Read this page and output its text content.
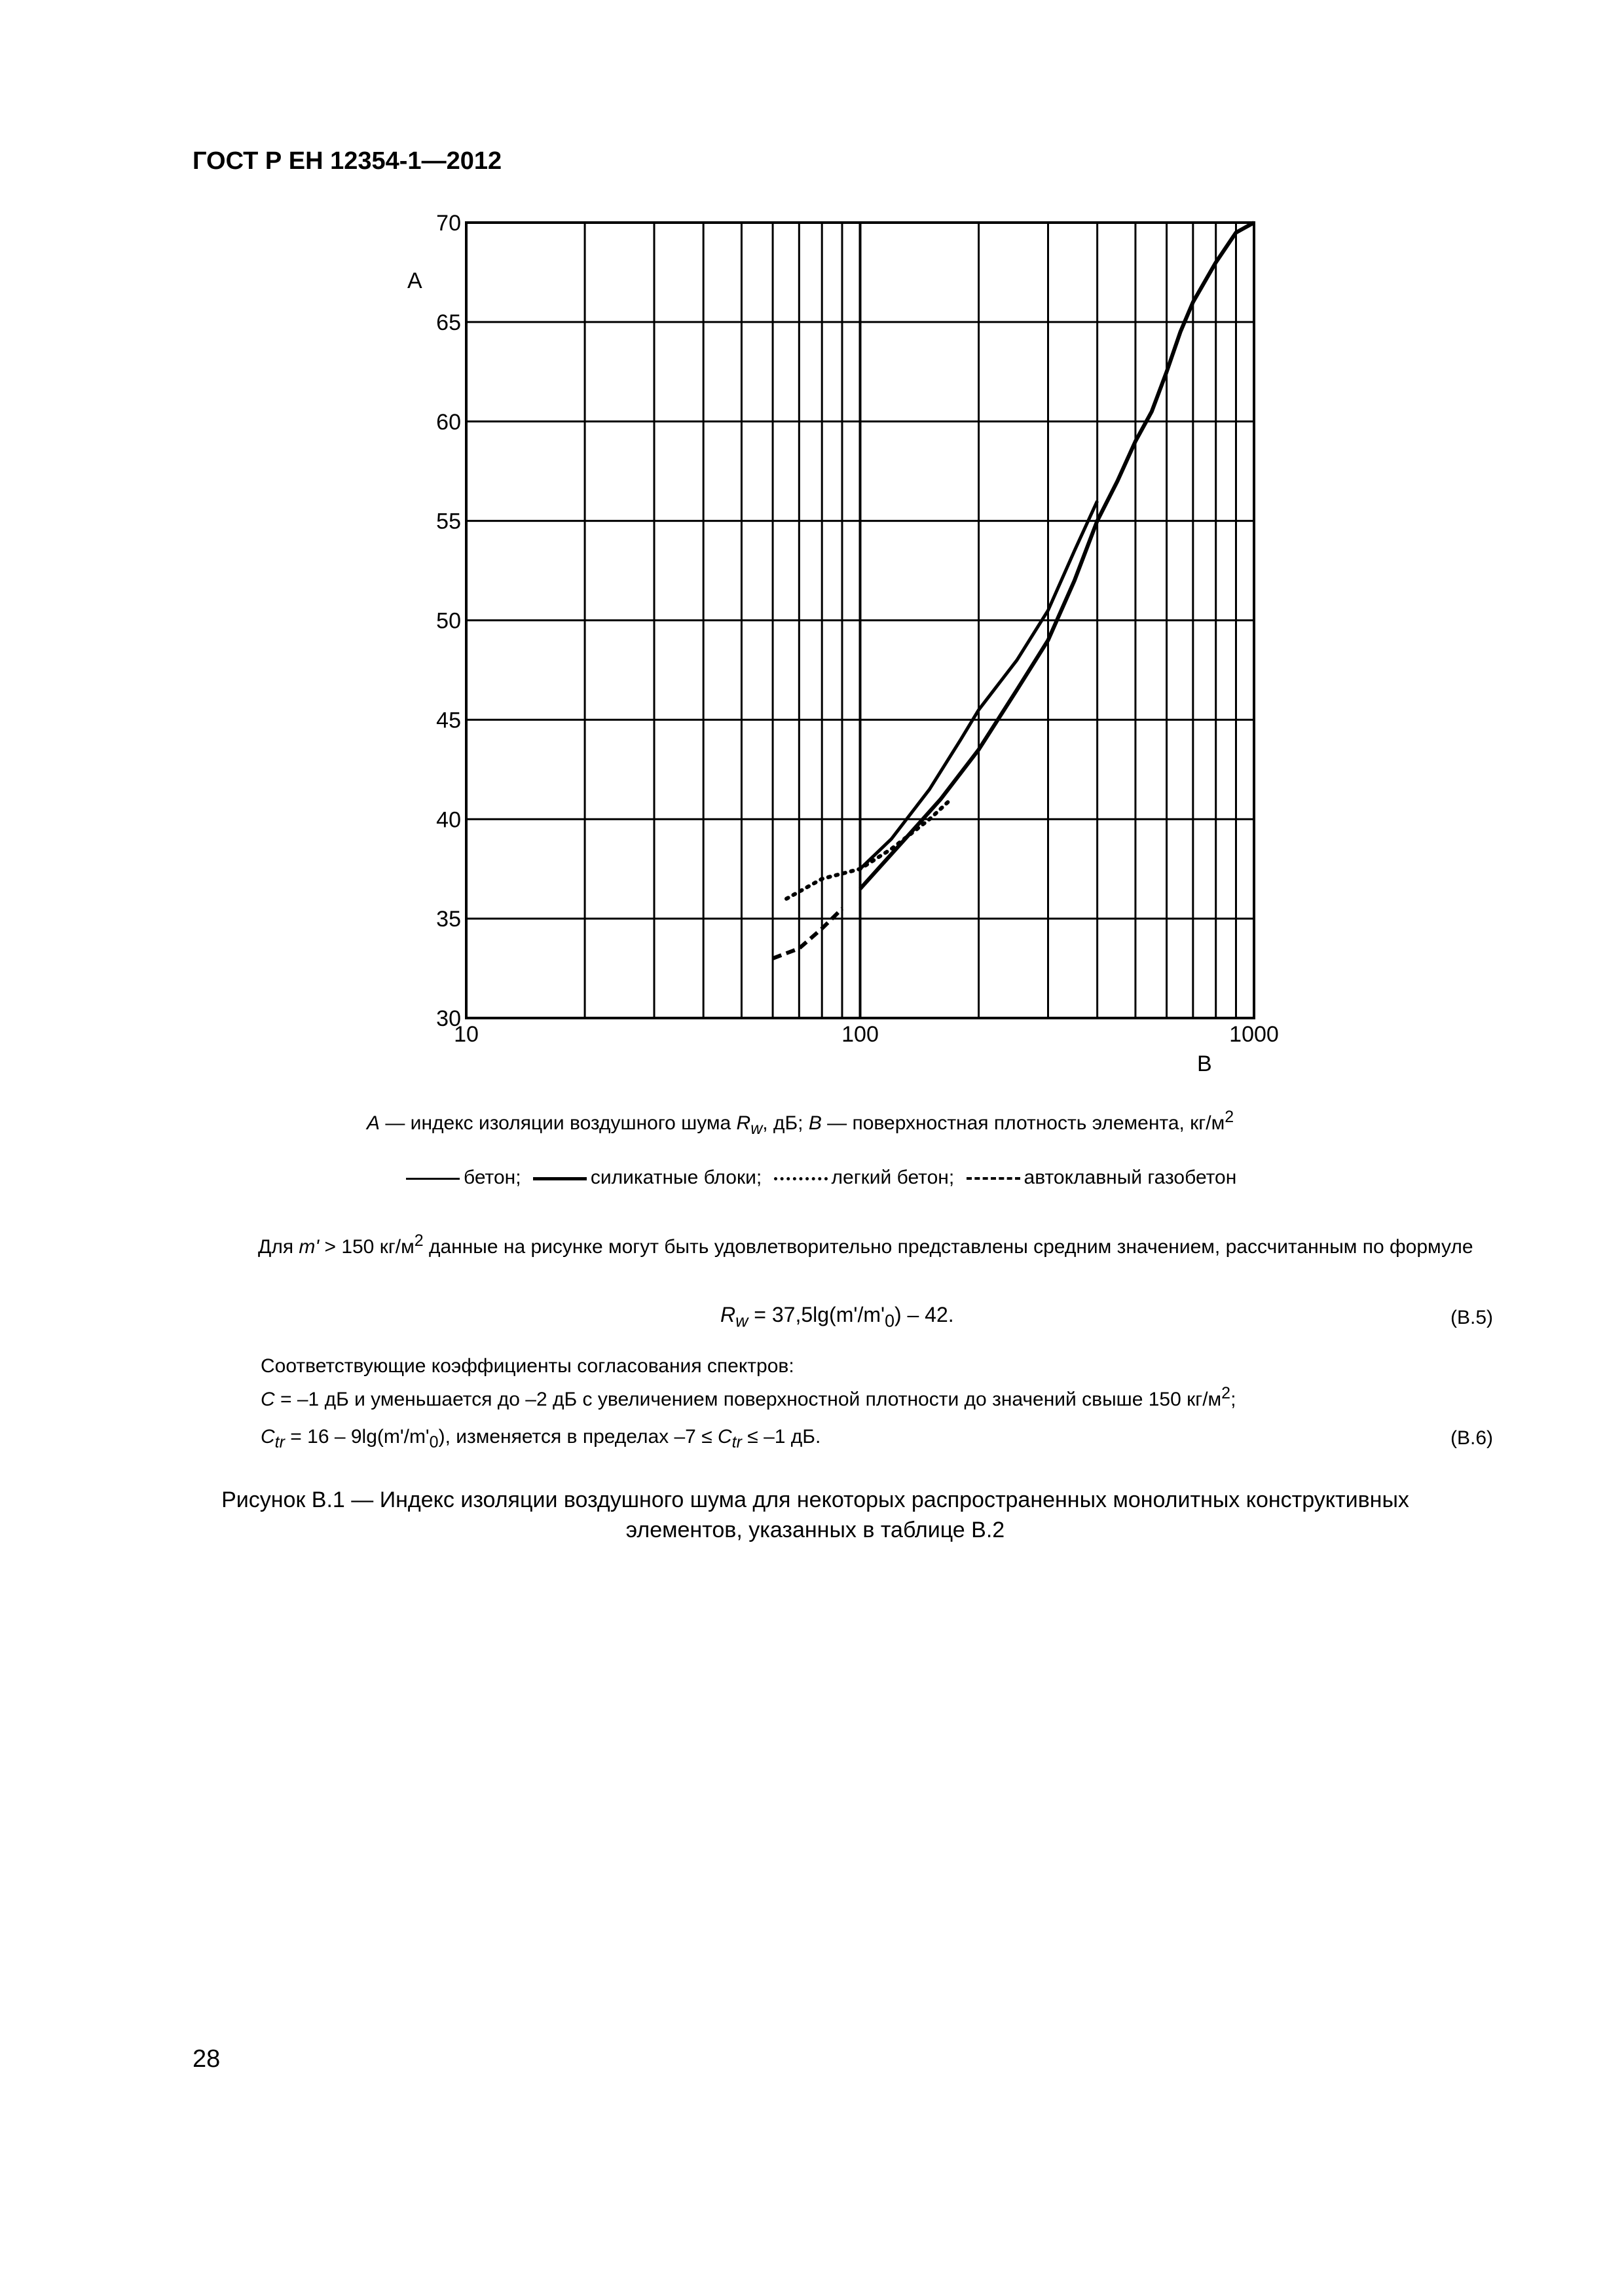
ГОСТ Р ЕН 12354-1—2012
30
35
40
45
50
55
60
65
70
10	100	1000
A
B
A — индекс изоляции воздушного шума $R_w$, дБ; B — поверхностная плотность элемента, $кг/м^2$
бетон;	силикатные блоки;	легкий бетон;	автоклавный газобетон
Для m' > 150 $кг/м^2$ данные на рисунке могут быть удовлетворительно представлены средним значением, рассчитанным по формуле
$R_w = 37,5\lg(m'/m'_0) - 42$.	(В.5)
Соответствующие коэффициенты согласования спектров:
C = –1 дБ и уменьшается до –2 дБ с увеличением поверхностной плотности до значений свыше 150 $кг/м^2$;
$C_{tr} = 16 - 9\lg(m'/m'_0)$, изменяется в пределах $-7 \le C_{tr} \le -1$ дБ.	(В.6)
Рисунок В.1 — Индекс изоляции воздушного шума для некоторых распространенных монолитных конструктивных элементов, указанных в таблице В.2
28
